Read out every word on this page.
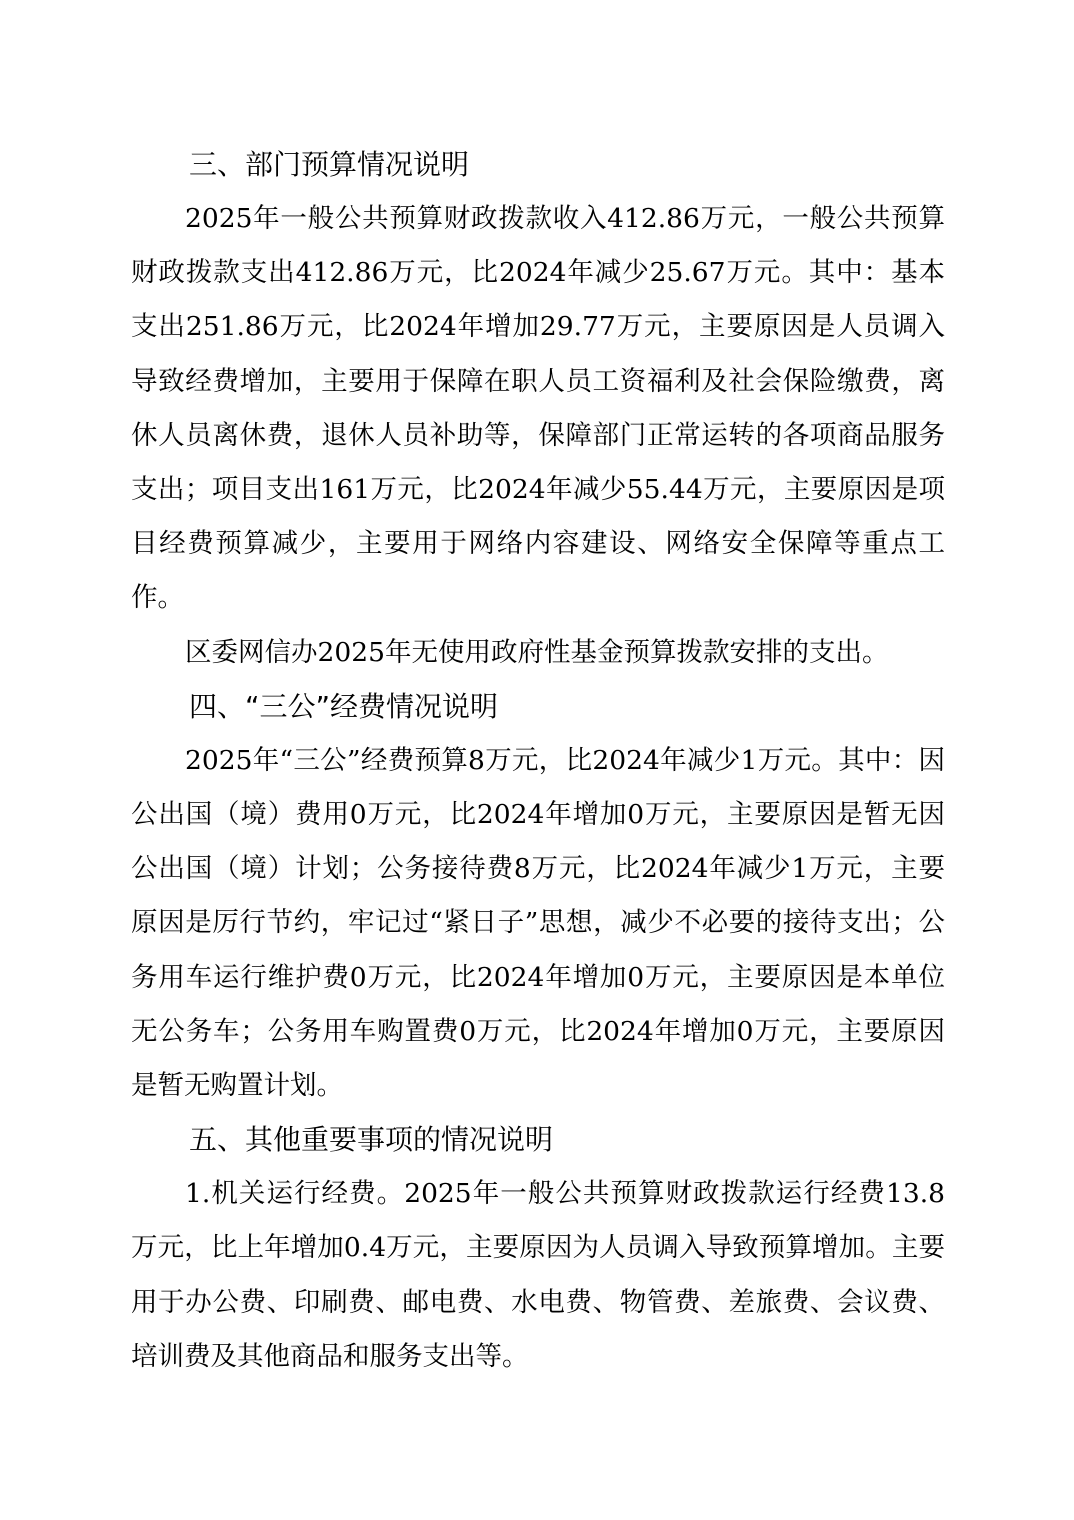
三、部门预算情况说明

2025年一般公共预算财政拨款收入412.86万元，一般公共预算财政拨款支出412.86万元，比2024年减少25.67万元。其中：基本支出251.86万元，比2024年增加29.77万元，主要原因是人员调入导致经费增加，主要用于保障在职人员工资福利及社会保险缴费，离休人员离休费，退休人员补助等，保障部门正常运转的各项商品服务支出；项目支出161万元，比2024年减少55.44万元，主要原因是项目经费预算减少，主要用于网络内容建设、网络安全保障等重点工作。

区委网信办2025年无使用政府性基金预算拨款安排的支出。

四、“三公”经费情况说明

2025年“三公”经费预算8万元，比2024年减少1万元。其中：因公出国（境）费用0万元，比2024年增加0万元，主要原因是暂无因公出国（境）计划；公务接待费8万元，比2024年减少1万元，主要原因是厉行节约，牢记过“紧日子”思想，减少不必要的接待支出；公务用车运行维护费0万元，比2024年增加0万元，主要原因是本单位无公务车；公务用车购置费0万元，比2024年增加0万元，主要原因是暂无购置计划。

五、其他重要事项的情况说明

1.机关运行经费。2025年一般公共预算财政拨款运行经费13.8万元，比上年增加0.4万元，主要原因为人员调入导致预算增加。主要用于办公费、印刷费、邮电费、水电费、物管费、差旅费、会议费、培训费及其他商品和服务支出等。
